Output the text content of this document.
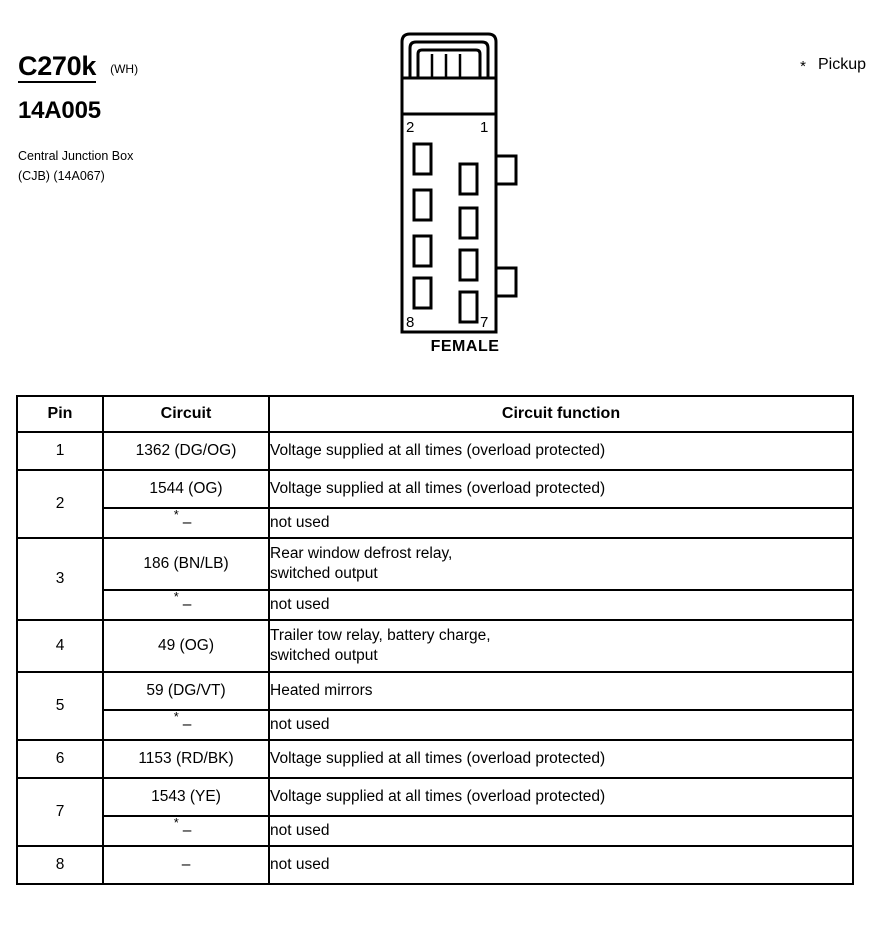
C270k (WH)
14A005
Central Junction Box
(CJB) (14A067)
* Pickup
2	1
8	7
FEMALE
Pin	Circuit	Circuit function
1	1362 (DG/OG)	Voltage supplied at all times (overload protected)
2	1544 (OG)	Voltage supplied at all times (overload protected)

	* –	not used
3	186 (BN/LB)	Rear window defrost relay,
switched output

	* –	not used
4	49 (OG)	Trailer tow relay, battery charge,
switched output

5	59 (DG/VT)	Heated mirrors

	* –	not used
6	1153 (RD/BK)	Voltage supplied at all times (overload protected)
7	1543 (YE)	Voltage supplied at all times (overload protected)

	* –	not used
8	–	not used
